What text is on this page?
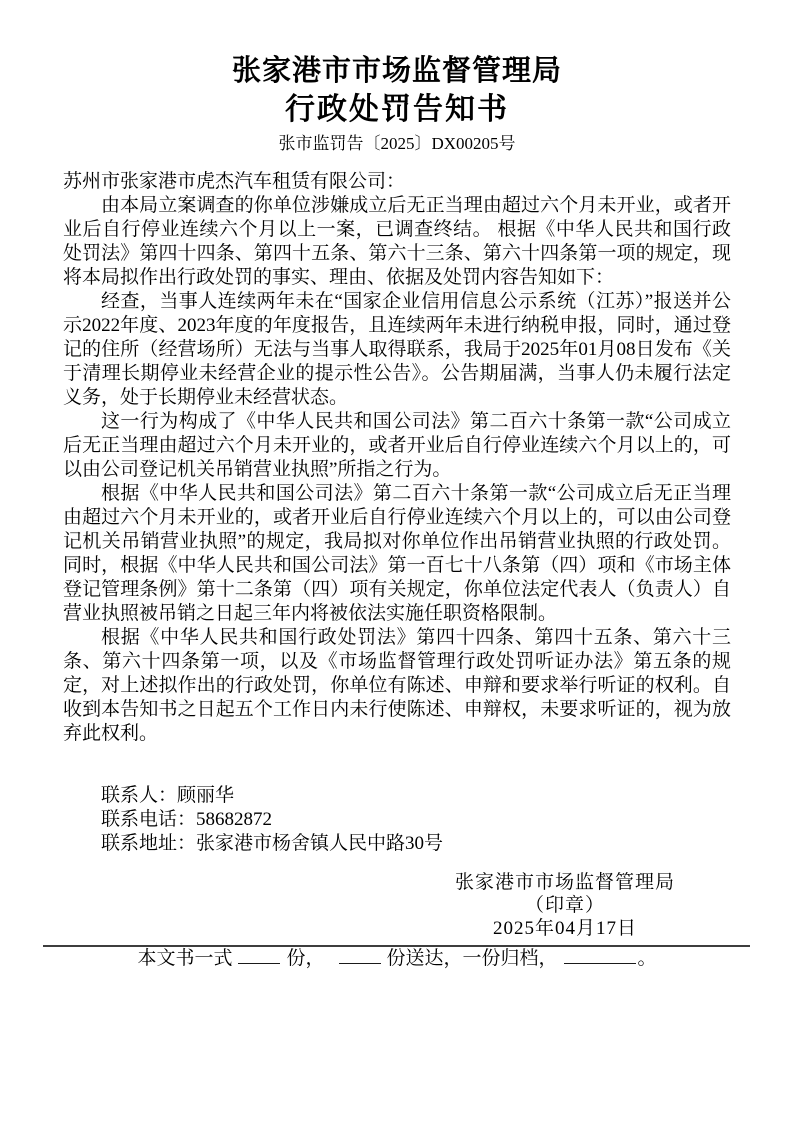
张家港市市场监督管理局
行政处罚告知书
张市监罚告〔2025〕DX00205号

苏州市张家港市虎杰汽车租赁有限公司：

由本局立案调查的你单位涉嫌成立后无正当理由超过六个月未开业，或者开业后自行停业连续六个月以上一案，已调查终结。 根据《中华人民共和国行政处罚法》第四十四条、第四十五条、第六十三条、第六十四条第一项的规定，现将本局拟作出行政处罚的事实、理由、依据及处罚内容告知如下：

经查，当事人连续两年未在“国家企业信用信息公示系统（江苏）”报送并公示2022年度、2023年度的年度报告，且连续两年未进行纳税申报，同时，通过登记的住所（经营场所）无法与当事人取得联系，我局于2025年01月08日发布《关于清理长期停业未经营企业的提示性公告》。公告期届满，当事人仍未履行法定义务，处于长期停业未经营状态。

这一行为构成了《中华人民共和国公司法》第二百六十条第一款“公司成立后无正当理由超过六个月未开业的，或者开业后自行停业连续六个月以上的，可以由公司登记机关吊销营业执照”所指之行为。

根据《中华人民共和国公司法》第二百六十条第一款“公司成立后无正当理由超过六个月未开业的，或者开业后自行停业连续六个月以上的，可以由公司登记机关吊销营业执照”的规定，我局拟对你单位作出吊销营业执照的行政处罚。同时，根据《中华人民共和国公司法》第一百七十八条第（四）项和《市场主体登记管理条例》第十二条第（四）项有关规定，你单位法定代表人（负责人）自营业执照被吊销之日起三年内将被依法实施任职资格限制。

根据《中华人民共和国行政处罚法》第四十四条、第四十五条、第六十三条、第六十四条第一项，以及《市场监督管理行政处罚听证办法》第五条的规定，对上述拟作出的行政处罚，你单位有陈述、申辩和要求举行听证的权利。自收到本告知书之日起五个工作日内未行使陈述、申辩权，未要求听证的，视为放弃此权利。

联系人：顾丽华

联系电话：58682872

联系地址：张家港市杨舍镇人民中路30号

张家港市市场监督管理局

（印章）

2025年04月17日

本文书一式	份，	份送达，一份归档，	。
